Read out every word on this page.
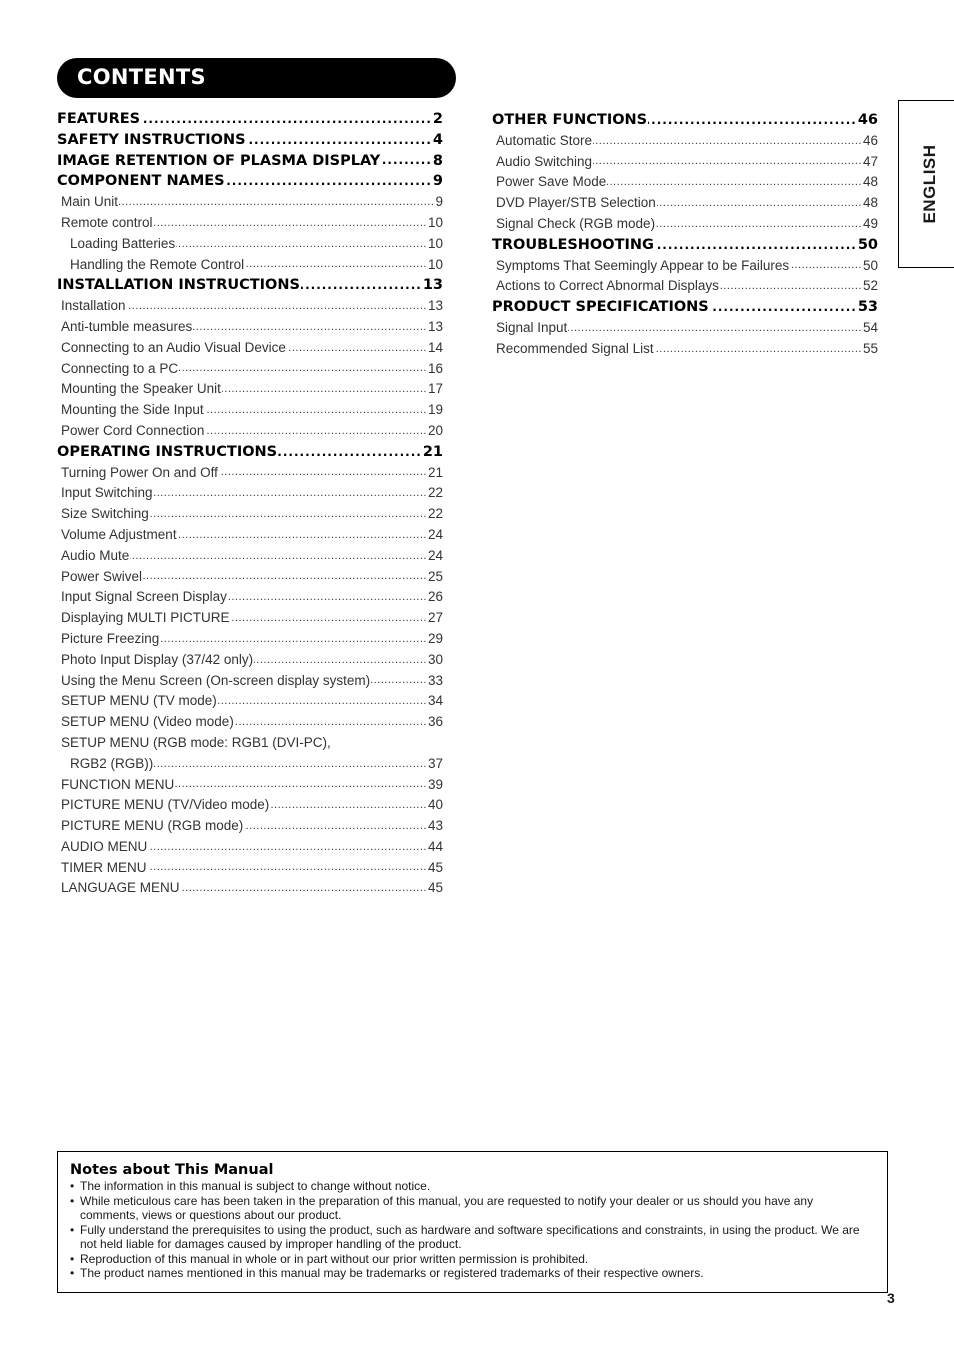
CONTENTS
ENGLISH
FEATURES .....	2
SAFETY INSTRUCTIONS .....	4
IMAGE RETENTION OF PLASMA DISPLAY .....	8
COMPONENT NAMES .....	9
Main Unit .....	9
Remote control .....	10
Loading Batteries .....	10
Handling the Remote Control .....	10
INSTALLATION INSTRUCTIONS .....	13
Installation .....	13
Anti-tumble measures .....	13
Connecting to an Audio Visual Device .....	14
Connecting to a PC .....	16
Mounting the Speaker Unit .....	17
Mounting the Side Input .....	19
Power Cord Connection .....	20
OPERATING INSTRUCTIONS .....	21
Turning Power On and Off .....	21
Input Switching .....	22
Size Switching .....	22
Volume Adjustment .....	24
Audio Mute .....	24
Power Swivel .....	25
Input Signal Screen Display .....	26
Displaying MULTI PICTURE .....	27
Picture Freezing .....	29
Photo Input Display (37/42 only) .....	30
Using the Menu Screen (On-screen display system) .....	33
SETUP MENU (TV mode) .....	34
SETUP MENU (Video mode) .....	36
SETUP MENU (RGB mode: RGB1 (DVI-PC),
RGB2 (RGB)) .....	37
FUNCTION MENU .....	39
PICTURE MENU (TV/Video mode) .....	40
PICTURE MENU (RGB mode) .....	43
AUDIO MENU .....	44
TIMER MENU .....	45
LANGUAGE MENU .....	45
OTHER FUNCTIONS .....	46
Automatic Store .....	46
Audio Switching .....	47
Power Save Mode .....	48
DVD Player/STB Selection .....	48
Signal Check (RGB mode) .....	49
TROUBLESHOOTING .....	50
Symptoms That Seemingly Appear to be Failures .....	50
Actions to Correct Abnormal Displays .....	52
PRODUCT SPECIFICATIONS .....	53
Signal Input .....	54
Recommended Signal List .....	55
Notes about This Manual
• The information in this manual is subject to change without notice.
• While meticulous care has been taken in the preparation of this manual, you are requested to notify your dealer or us should you have any comments, views or questions about our product.
• Fully understand the prerequisites to using the product, such as hardware and software specifications and constraints, in using the product. We are not held liable for damages caused by improper handling of the product.
• Reproduction of this manual in whole or in part without our prior written permission is prohibited.
• The product names mentioned in this manual may be trademarks or registered trademarks of their respective owners.
3
